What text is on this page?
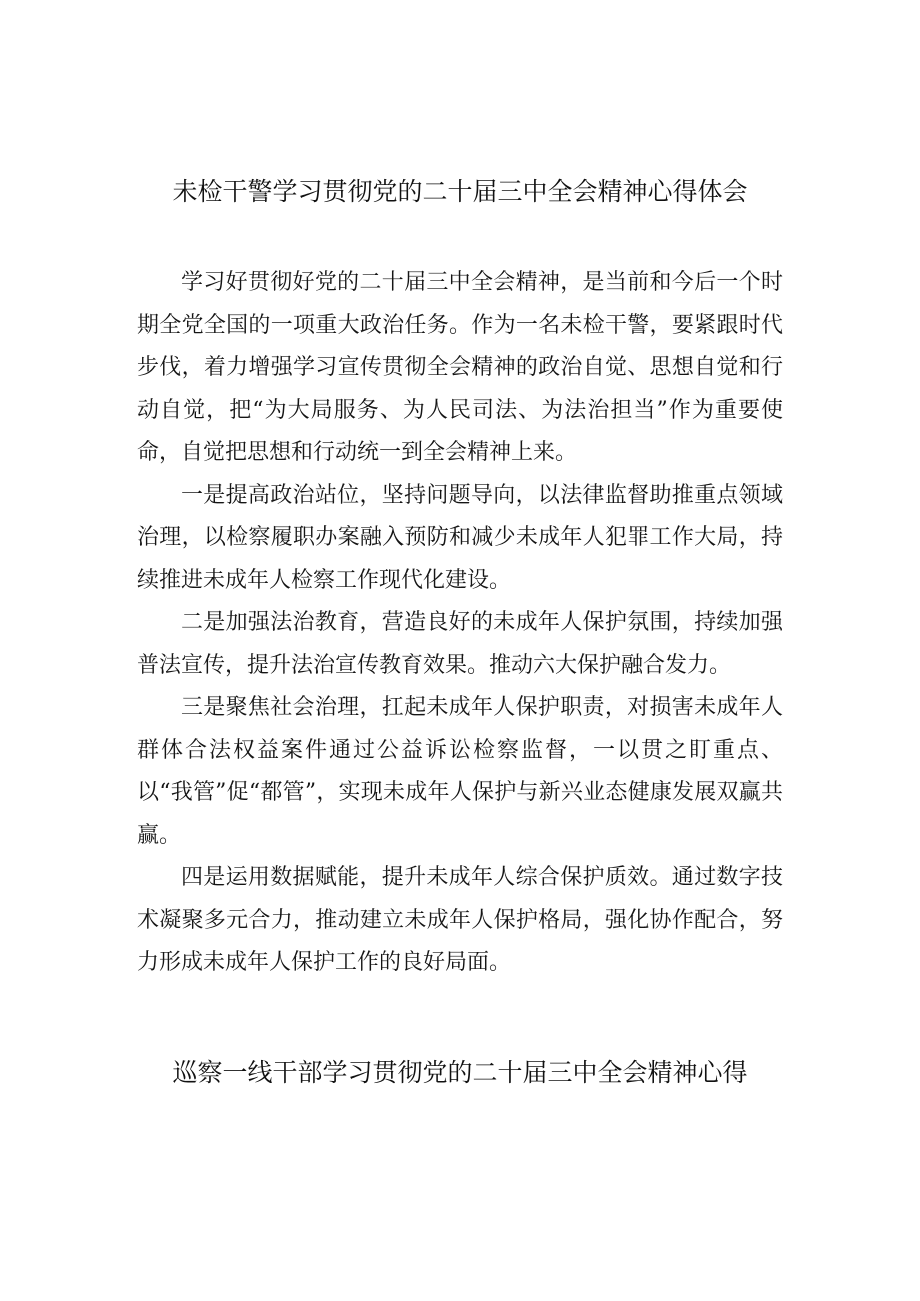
未检干警学习贯彻党的二十届三中全会精神心得体会

学习好贯彻好党的二十届三中全会精神，是当前和今后一个时期全党全国的一项重大政治任务。作为一名未检干警，要紧跟时代步伐，着力增强学习宣传贯彻全会精神的政治自觉、思想自觉和行动自觉，把“为大局服务、为人民司法、为法治担当”作为重要使命，自觉把思想和行动统一到全会精神上来。

一是提高政治站位，坚持问题导向，以法律监督助推重点领域治理，以检察履职办案融入预防和减少未成年人犯罪工作大局，持续推进未成年人检察工作现代化建设。

二是加强法治教育，营造良好的未成年人保护氛围，持续加强普法宣传，提升法治宣传教育效果。推动六大保护融合发力。

三是聚焦社会治理，扛起未成年人保护职责，对损害未成年人群体合法权益案件通过公益诉讼检察监督，一以贯之盯重点、以“我管”促“都管”，实现未成年人保护与新兴业态健康发展双赢共赢。

四是运用数据赋能，提升未成年人综合保护质效。通过数字技术凝聚多元合力，推动建立未成年人保护格局，强化协作配合，努力形成未成年人保护工作的良好局面。

巡察一线干部学习贯彻党的二十届三中全会精神心得
